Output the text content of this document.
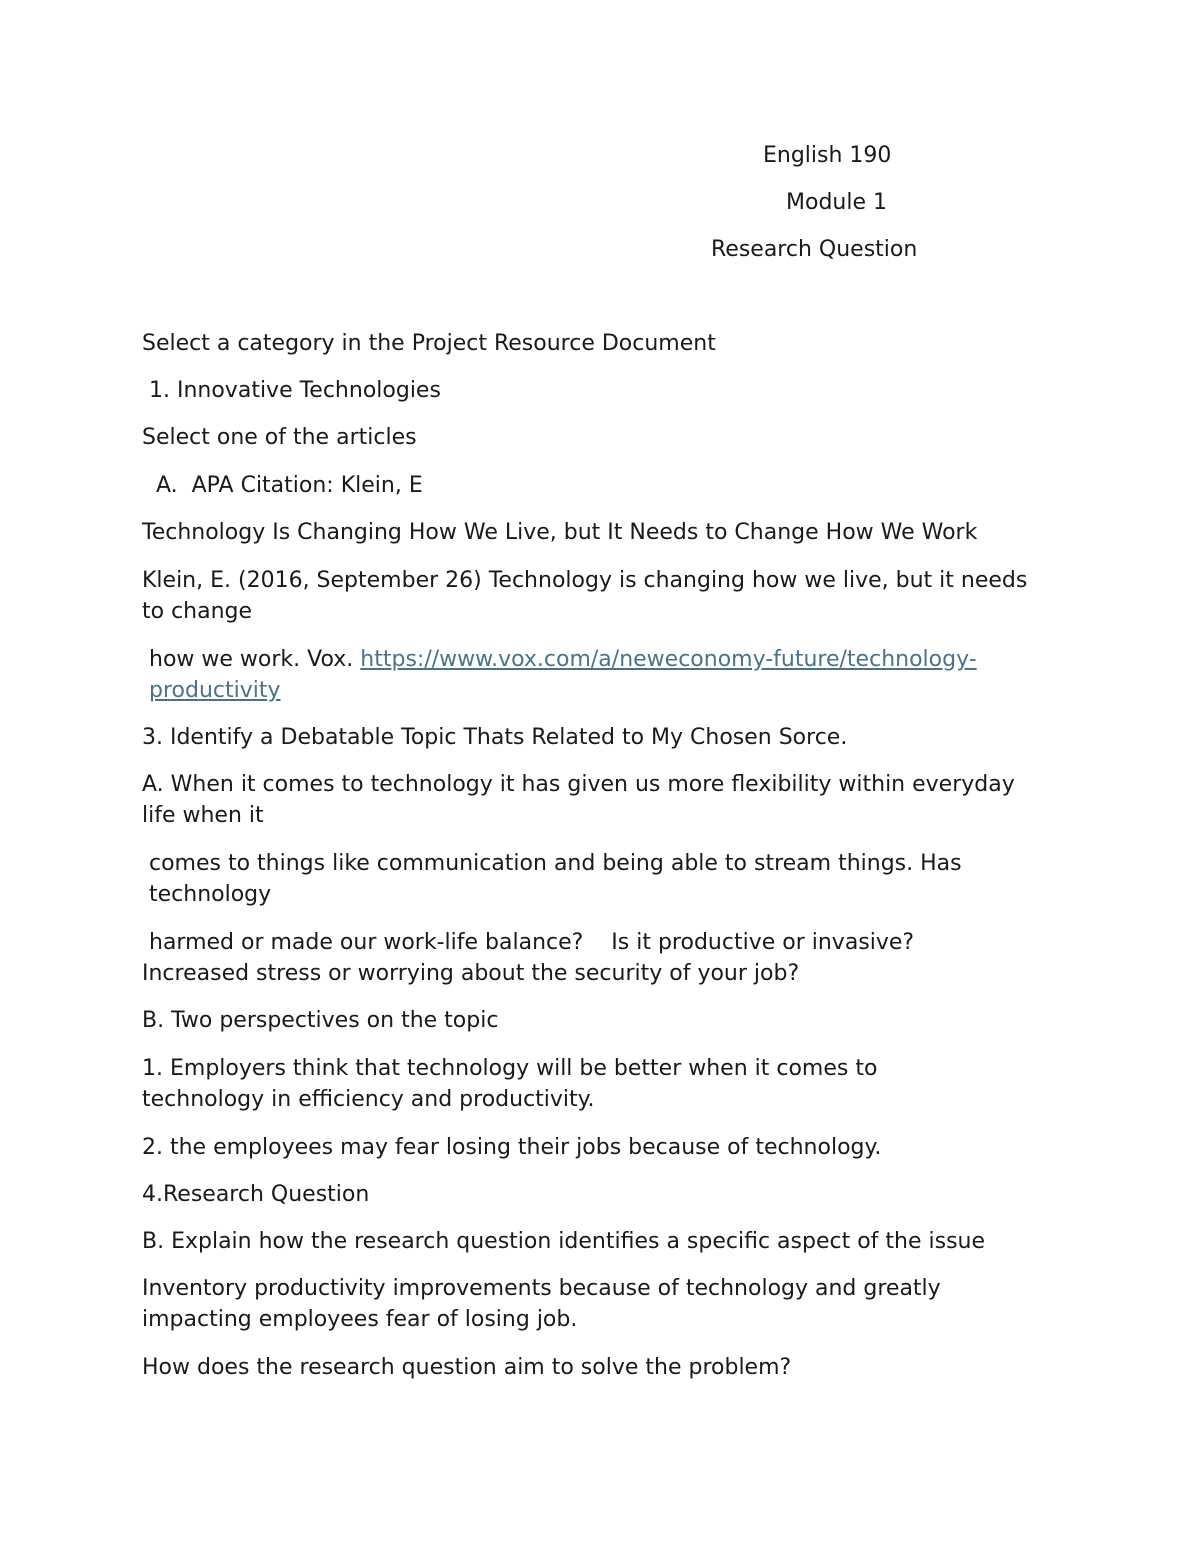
English 190
Module 1
Research Question
Select a category in the Project Resource Document
1. Innovative Technologies
Select one of the articles
A.  APA Citation: Klein, E
Technology Is Changing How We Live, but It Needs to Change How We Work
Klein, E. (2016, September 26) Technology is changing how we live, but it needs to change
how we work. Vox. https://www.vox.com/a/neweconomy-future/technology-productivity
3. Identify a Debatable Topic Thats Related to My Chosen Sorce.
A. When it comes to technology it has given us more flexibility within everyday life when it
comes to things like communication and being able to stream things. Has technology
harmed or made our work-life balance?    Is it productive or invasive?
Increased stress or worrying about the security of your job?
B. Two perspectives on the topic
1. Employers think that technology will be better when it comes to technology in efficiency and productivity.
2. the employees may fear losing their jobs because of technology.
4.Research Question
B. Explain how the research question identifies a specific aspect of the issue
Inventory productivity improvements because of technology and greatly impacting employees fear of losing job.
How does the research question aim to solve the problem?
